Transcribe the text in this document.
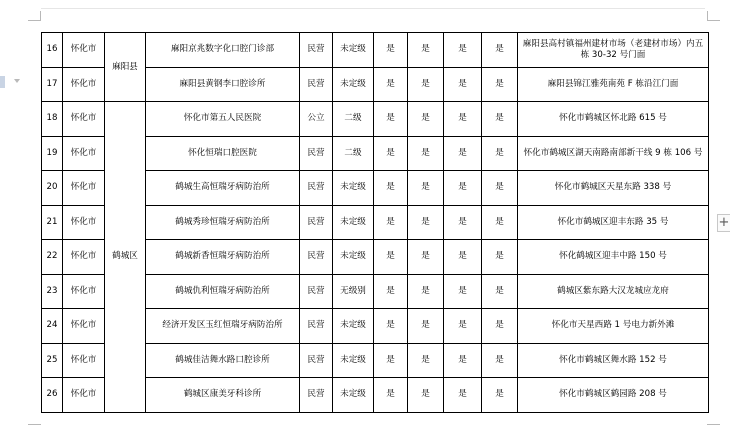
+
16	怀化市	麻阳县	麻阳京兆数字化口腔门诊部	民营	未定级	是	是	是	是	麻阳县高村镇福州建材市场（老建材市场）内五栋 30-32 号门面
17	怀化市		麻阳县黄钢李口腔诊所	民营	未定级	是	是	是	是	麻阳县锦江雅苑南苑 F 栋沿江门面
18	怀化市	鹤城区	怀化市第五人民医院	公立	二级	是	是	是	是	怀化市鹤城区怀北路 615 号
19	怀化市		怀化恒瑞口腔医院	民营	二级	是	是	是	是	怀化市鹤城区湖天南路南部新干线 9 栋 106 号
20	怀化市		鹤城生高恒瑞牙病防治所	民营	未定级	是	是	是	是	怀化市鹤城区天星东路 338 号
21	怀化市		鹤城秀珍恒瑞牙病防治所	民营	未定级	是	是	是	是	怀化市鹤城区迎丰东路 35 号
22	怀化市		鹤城新香恒瑞牙病防治所	民营	未定级	是	是	是	是	怀化鹤城区迎丰中路 150 号
23	怀化市		鹤城仇利恒瑞牙病防治所	民营	无级别	是	是	是	是	鹤城区紫东路大汉龙城应龙府
24	怀化市		经济开发区玉红恒瑞牙病防治所	民营	未定级	是	是	是	是	怀化市天星西路 1 号电力新外滩
25	怀化市		鹤城佳洁舞水路口腔诊所	民营	未定级	是	是	是	是	怀化市鹤城区舞水路 152 号
26	怀化市		鹤城区康美牙科诊所	民营	未定级	是	是	是	是	怀化市鹤城区鹤园路 208 号
